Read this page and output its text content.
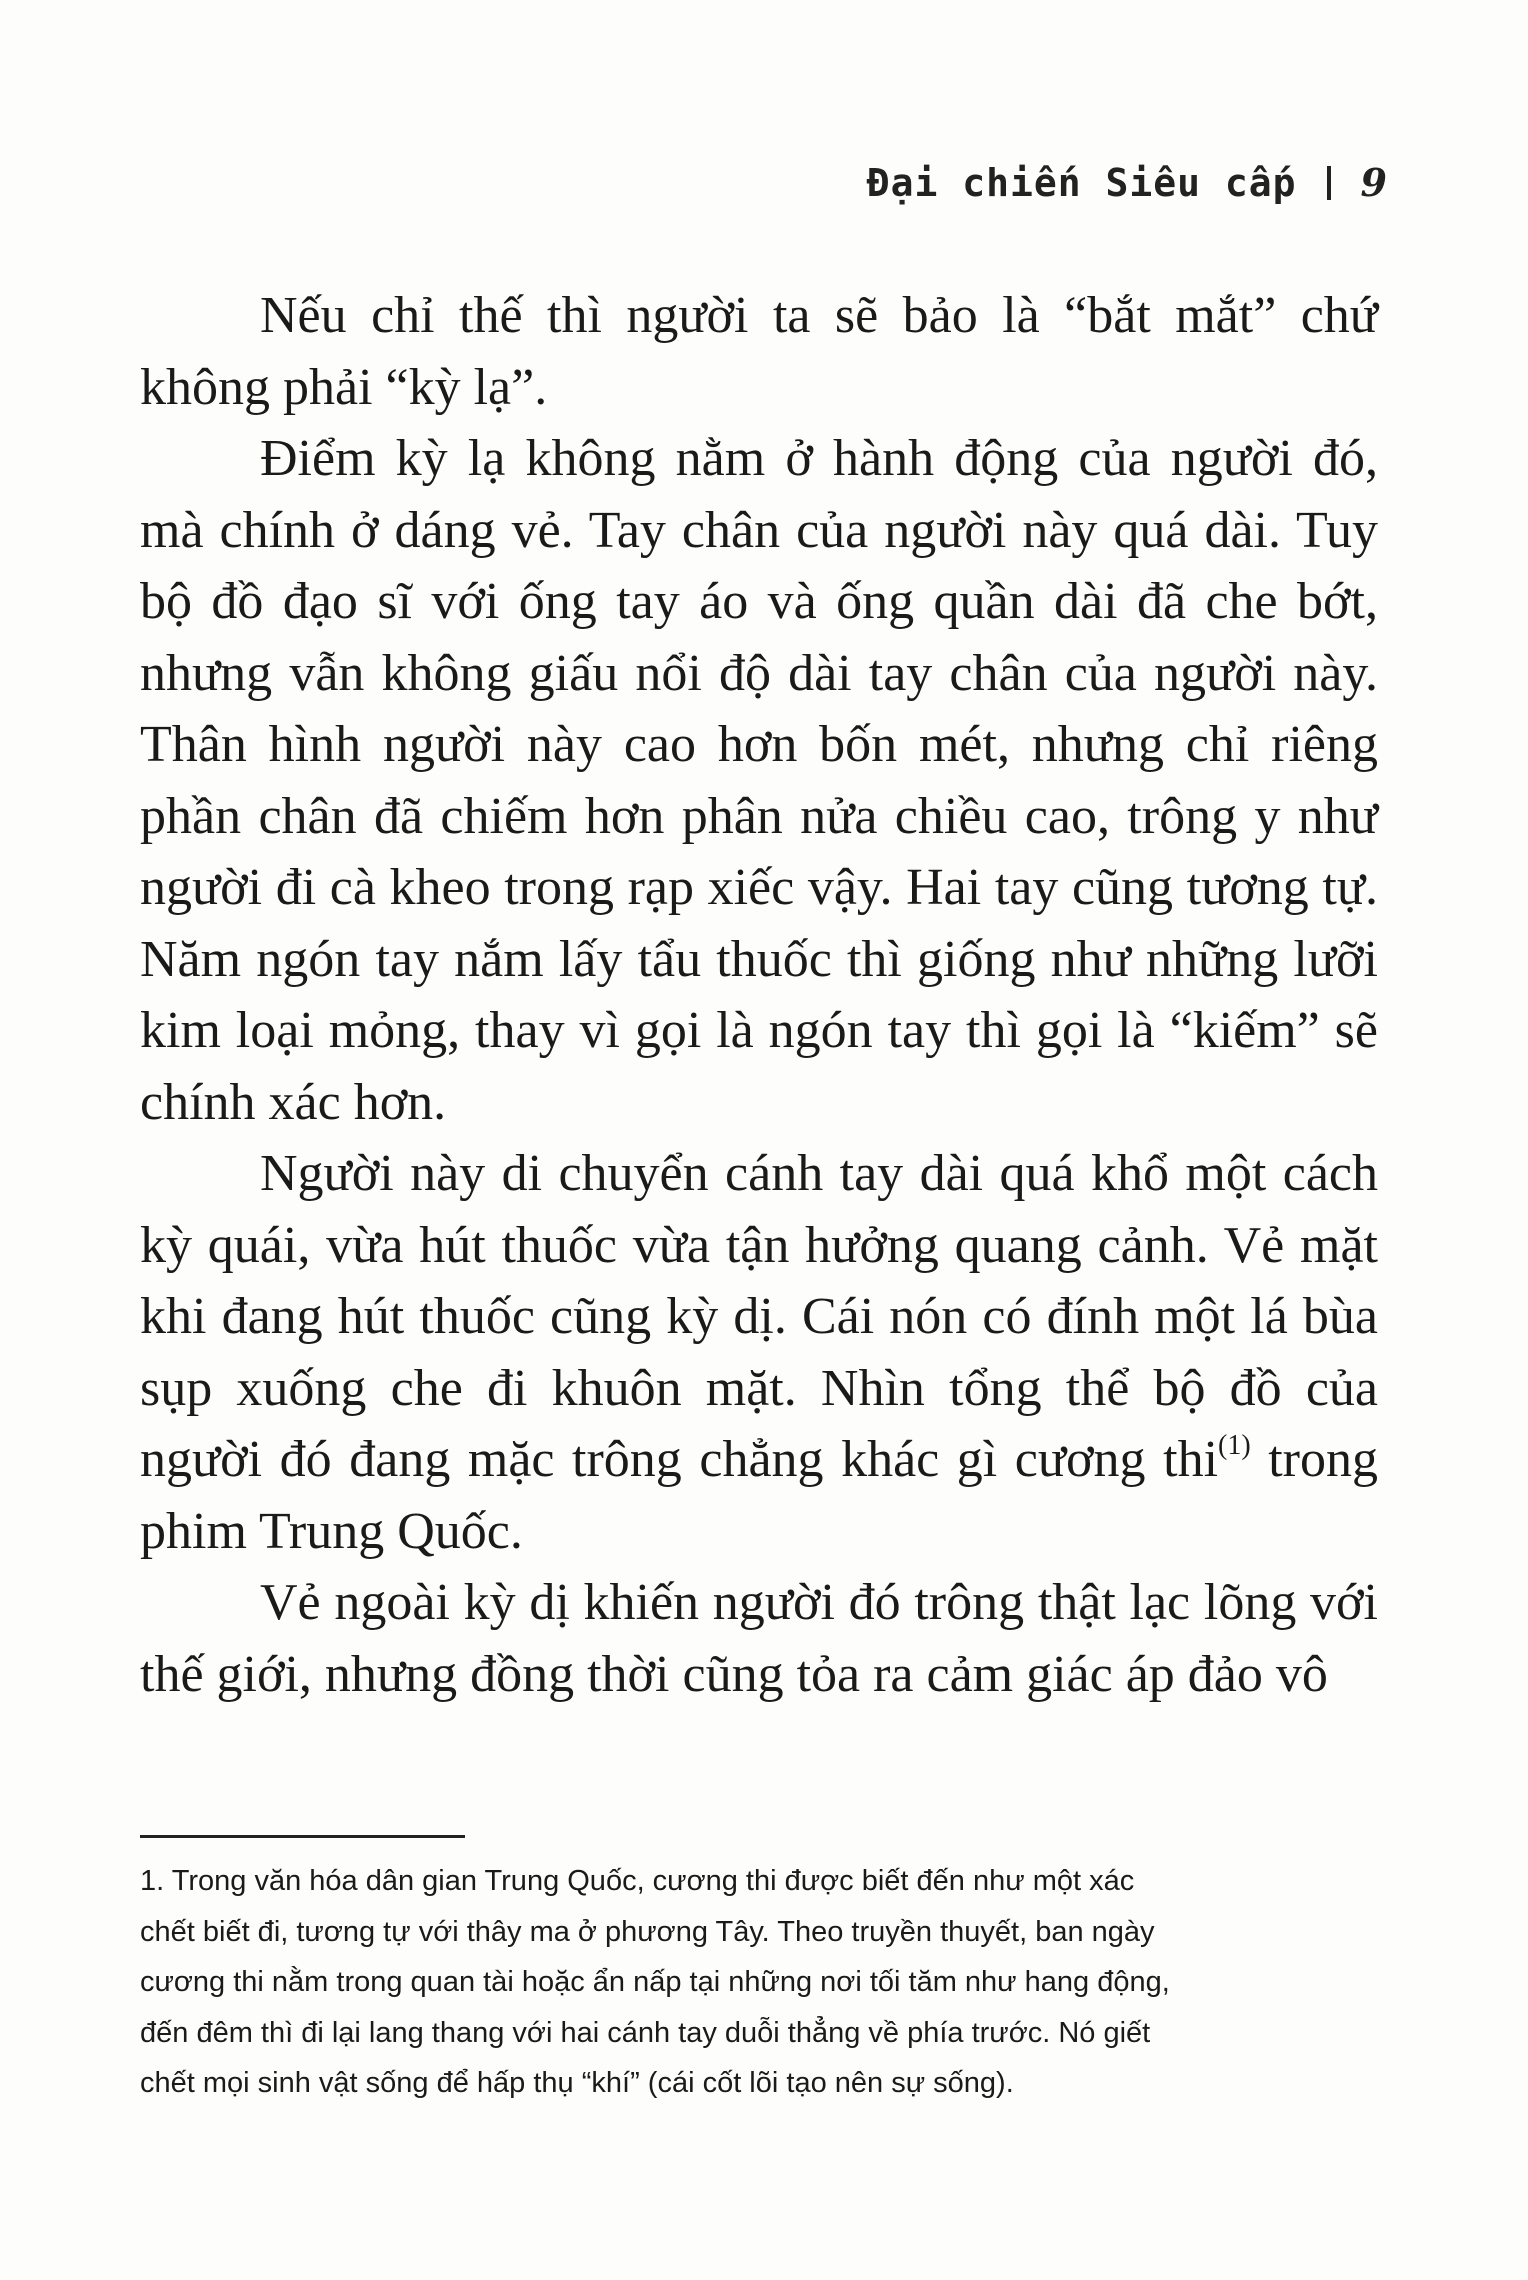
Đại chiến Siêu cấp 9

Nếu chỉ thế thì người ta sẽ bảo là “bắt mắt” chứ không phải “kỳ lạ”.

Điểm kỳ lạ không nằm ở hành động của người đó, mà chính ở dáng vẻ. Tay chân của người này quá dài. Tuy bộ đồ đạo sĩ với ống tay áo và ống quần dài đã che bớt, nhưng vẫn không giấu nổi độ dài tay chân của người này. Thân hình người này cao hơn bốn mét, nhưng chỉ riêng phần chân đã chiếm hơn phân nửa chiều cao, trông y như người đi cà kheo trong rạp xiếc vậy. Hai tay cũng tương tự. Năm ngón tay nắm lấy tẩu thuốc thì giống như những lưỡi kim loại mỏng, thay vì gọi là ngón tay thì gọi là “kiếm” sẽ chính xác hơn.

Người này di chuyển cánh tay dài quá khổ một cách kỳ quái, vừa hút thuốc vừa tận hưởng quang cảnh. Vẻ mặt khi đang hút thuốc cũng kỳ dị. Cái nón có đính một lá bùa sụp xuống che đi khuôn mặt. Nhìn tổng thể bộ đồ của người đó đang mặc trông chẳng khác gì cương thi$^{(1)}$ trong phim Trung Quốc.

Vẻ ngoài kỳ dị khiến người đó trông thật lạc lõng với thế giới, nhưng đồng thời cũng tỏa ra cảm giác áp đảo vô

1. Trong văn hóa dân gian Trung Quốc, cương thi được biết đến như một xác
chết biết đi, tương tự với thây ma ở phương Tây. Theo truyền thuyết, ban ngày
cương thi nằm trong quan tài hoặc ẩn nấp tại những nơi tối tăm như hang động,
đến đêm thì đi lại lang thang với hai cánh tay duỗi thẳng về phía trước. Nó giết
chết mọi sinh vật sống để hấp thụ “khí” (cái cốt lõi tạo nên sự sống).
